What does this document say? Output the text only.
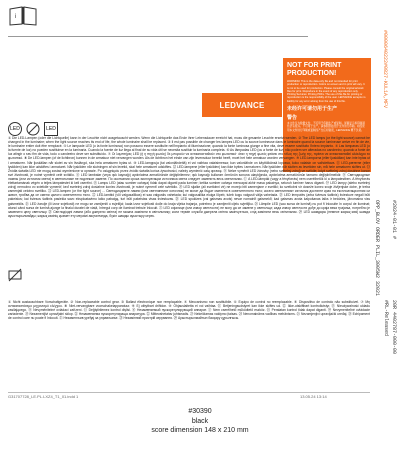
i
LEDVANCE
NOT FOR PRINT PRODUCTION!
WARNING! This is the data-only file and not intended for print production or reproduction. Colors on-screen and in print will vary. It is not to be used for production. Please consult the original artwork files for print. Reproduce in the event of any reproduction only. Printing Services: Printing PDFs. The use of this file for printing or reproduction is the responsibility of the user. LEDVANCE accepts no liability for any error arising from the use of this file.
未经许可请勿用于生产
警告
本文件仅为数据文件，不可用于印刷生产或复制。屏幕显示和印刷颜色会有差异。不可用于生产。请参照原始设计文件进行印刷。如因使用本文件进行印刷或复制而产生任何错误，LEDVANCE 概不负责。
#0000640222#0827-KUL1A,MFV
OPP_BLOV ORDER PLIL_3005W2 32021 #2024-01-01 #
#RL-Released 20R 4402787-000-00
LED	LED
① Die LED-Lampen (oder die Lichtquelle) kann in der Leuchte nicht ausgetauscht werden. Wenn die Lichtquelle das Ende ihrer Lebensdauer erreicht hat, muss die gesamte Leuchte ersetzt werden. ② The LED lamps (or the light source) cannot be changed in the luminaire; when the light source reaches its end of life, the whole luminaire shall be replaced. ③ Il est pas possible de changer les lampes LED ou la source lumineuse dans le luminaire quand la source lumineuse arrive en fin de vie, le luminaire entier doit être remplacé. ④ Le lampade LED (o la fonte luminosa) non possono essere sostituite nell'impianto di illuminazione; quando la fonte luminosa giunge a fine vita, deve essere sostituito l'intero impianto. ⑤ Las lámparas LED (o la fuente de luz) no pueden sustituirse en la luminaria. Cuando la fuente de luz llega al final de su vida útil se necesita sustituir la luminaria completa. ⑥ As lâmpadas LED (ou a fonte de luz) não podem ser alteradas no candeeiro; quando a fonte de luz atingir o seu fim de vida, todo o candeeiro deve ser substituído. ⑦ Οι λαμπτήρες LED (ή η πηγή φωτός) δε μπορούν να αντικατασταθούν στο φωτιστικό· όταν η πηγή φωτός φτάσει στο τέλος της ζωής της, πρέπει να αντικατασταθεί ολόκληρο το φωτιστικό. ⑧ De LED-lampen (of de lichtbron) kunnen in de armatuur niet vervangen worden. Als de lichtbron het einde van zijn levensduur bereikt heeft, moet het hele armatuur worden vervangen. ⑨ LED-lamporna (eller ljuskällan) kan inte bytas ut i armaturen. När ljuskällan når slutet av sin livslängd, ska hela armaturen bytas ut. ⑩ LED-lamppuja (tai valonlähdettä) ei voi vaihtaa valaisimessa; kun valonlähde on käyttöikänsä lopussa, koko valaisin on vaihdettava. ⑪ LED-pærerne (eller lyskilden) kan ikke udskiftes i armaturet. Når lyskilden når slutningen af sin levetid, skal hele armaturet udskiftes. ⑫ LED-lampene (eller lyskilden) kan ikke byttes i armaturen. Når lyskilden når slutten av levetiden sin, må hele armaturen skiftes ut. ⑬ Źródła światła LED nie mogą zostać wymienione w oprawie. Po osiągnięciu przez źródło światła końca żywotności, należy wymienić całą oprawę. ⑭ Nelze vyměnit LED žárovky (nebo světelný zdroj) ve svítidle; když světelný zdroj dosáhne konce své životnosti, je nutné vyměnit celé svítidlo. ⑮ LED lambalar (veya ışık kaynağı) aydınlatma armatüründe değiştirilemez; ışık kaynağı kullanım ömrünün sonuna ulaştığında, aydınlatma armatürünün tamamı değiştirilmelidir. ⑯ Светодиодные лампы (или источник света) в светильнике не подлежат замене. По окончании срока эксплуатации источника света следует заменить весь светильник. ⑰ A LED-lámpák (vagy a fényforrás) nem cserélhetők ki a lámpatestben. A fényforrás élettartamának végén a teljes lámpatestet ki kell cserélni. ⑱ Lampu LED (atau sumber cahaya) tidak dapat diganti pada luminer; ketika sumber cahaya mencapai akhir masa pakainya, seluruh luminer harus diganti. ⑲ LED lampy (alebo svetelný zdroj) nemožno vo svietidle vymeniť; keď svetelný zdroj dosiahne koniec životnosti, je nutné vymeniť celé svietidlo. ⑳ LED sijalke (ali svetlobni vir) ne morejo biti zamenjane v svetilki; ko svetlobni vir doseže konec svoje življenjske dobe, je treba zamenjati celotno svetilko. ㉑ LED-lampen (or the light source) ... Светодиодните лампи (или светлинният източник) не могат да бъдат сменени в осветителното тяло; когато светлинният източник достигне края на експлоатационния си живот, трябва да се смени цялото осветително тяло. ㉒ LED-lambid (või valgusallikas) ei saa valgustis vahetada; kui valgusallika eluiga lõpeb, tuleb kogu valgusti välja vahetada. ㉓ LED lemputės (arba šviesos šaltinis) šviestuve negali būti pakeistos; kai šviesos šaltinis pasiekia savo eksploatavimo laiko pabaigą, turi būti pakeistas visas šviestuvas. ㉔ LED spuldzes (vai gaismas avots) nevar nomainīt gaismeklī; kad gaismas avota kalpošanas laiks ir beidzies, jānomaina viss gaismeklis. ㉕ LED žarulje (ili izvor svjetlosti) ne mogu se zamijeniti u svjetiljci; kada izvor svjetlosti dođe do kraja vijeka trajanja, potrebno je zamijeniti cijelu svjetiljku. ㉖ Lămpile LED (sau sursa de lumină) nu pot fi înlocuite în corpul de iluminat; atunci când sursa de lumină ajunge la finalul duratei de viață, întregul corp de iluminat trebuie înlocuit. ㉗ LED сијалице (или извор светлости) не могу да се замене у светиљци; када извор светлости дође до краја века трајања, потребно је заменити целу светиљку. ㉘ Світлодіодні лампи (або джерело світла) не можна замінити в світильнику; коли термін служби джерела світла закінчується, слід замінити весь світильник. ㉙ LED шамдары (немесе жарық көзі) шамда ауыстырылмайды; жарық көзінің қызмет ету мерзімі аяқталғанда, бүкіл шамды ауыстыру керек.
① Nicht austauschbare Vorschaltgeräte. ② Non-replaceable control gear. ③ Ballast électronique non remplaçable. ④ Meccanismo non sostituibile. ⑤ Equipo de control no reemplazable. ⑥ Dispositivo de controlo não substituível. ⑦ Μη αντικαταστάσιμο μηχανισμό ελέγχου. ⑧ Niet-vervangbare voorschakelapparatuur. ⑨ Ej utbytbart driftdon. ⑩ Ohjauslaitetta ei voi vaihtaa. ⑪ Betjeningsudstyret kan ikke skiftes ud. ⑫ Ikke-utskiftbart kontrollutstyr. ⑬ Nieużywalność układu zasilającego. ⑭ Nevyměnitelné ovládací zařízení. ⑮ Değiştirilemez kontrol dişlisi. ⑯ Незаменяемый пускорегулирующий аппарат. ⑰ Nem cserélhető működtető eszköz. ⑱ Peralatan kontrol tidak dapat diganti. ⑲ Nevymeniteľné ovládacie zariadenie. ⑳ Nezamenljivi upravljalni sklop. ㉑ Незаменяема пускорегулираща апаратура. ㉒ Mittevahetatav juhtseadis. ㉓ Nekeičiamas valdymo įtaisas. ㉔ Nenomaināms vadības mehānisms. ㉕ Nezamjenjivi upravljački uređaj. ㉖ Echipament de control care nu poate fi înlocuit. ㉗ Незаменљив уређај за управљање. ㉘ Незамінний пристрій керування. ㉙ Ауыстырылмайтын басқару құрылғысы.
G31707728_LE.PL.LXZ4_T1_01.indd 1	13.05.24 13:14
#30390
black
score dimension 148 x 210 mm
